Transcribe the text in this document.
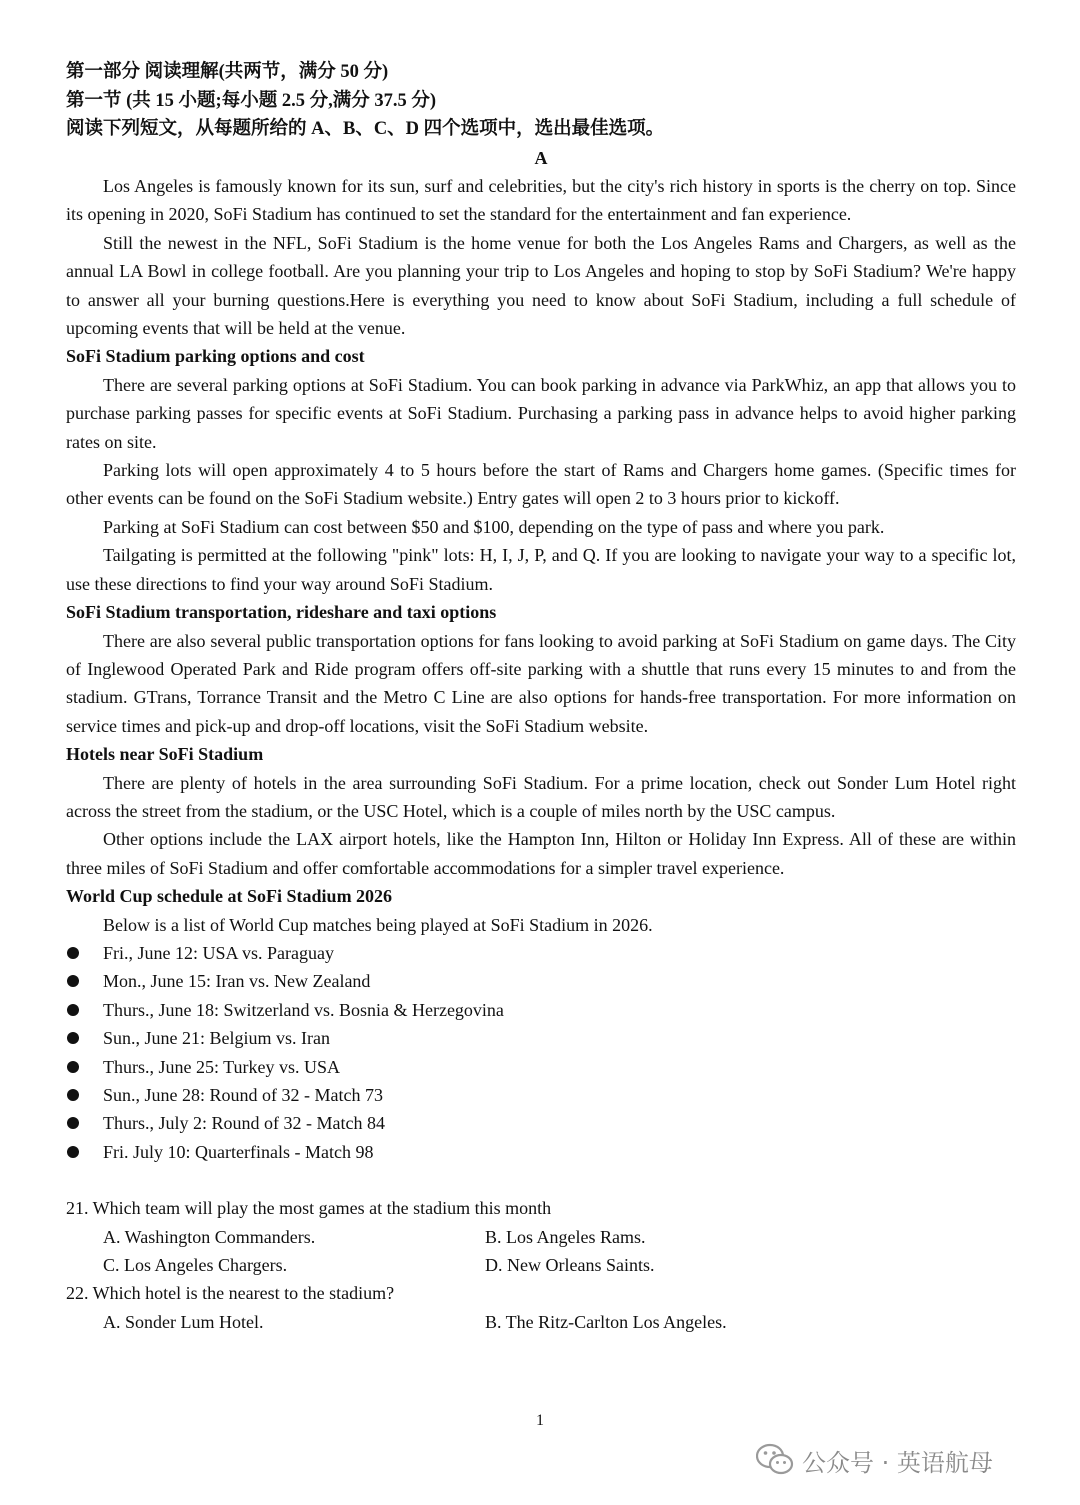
第一部分 阅读理解(共两节，满分 50 分)

第一节 (共 15 小题;每小题 2.5 分,满分 37.5 分)

阅读下列短文，从每题所给的 A、B、C、D 四个选项中，选出最佳选项。

A

Los Angeles is famously known for its sun, surf and celebrities, but the city's rich history in sports is the cherry on top. Since its opening in 2020, SoFi Stadium has continued to set the standard for the entertainment and fan experience.

Still the newest in the NFL, SoFi Stadium is the home venue for both the Los Angeles Rams and Chargers, as well as the annual LA Bowl in college football. Are you planning your trip to Los Angeles and hoping to stop by SoFi Stadium? We're happy to answer all your burning questions.Here is everything you need to know about SoFi Stadium, including a full schedule of upcoming events that will be held at the venue.

SoFi Stadium parking options and cost

There are several parking options at SoFi Stadium. You can book parking in advance via ParkWhiz, an app that allows you to purchase parking passes for specific events at SoFi Stadium. Purchasing a parking pass in advance helps to avoid higher parking rates on site.

Parking lots will open approximately 4 to 5 hours before the start of Rams and Chargers home games. (Specific times for other events can be found on the SoFi Stadium website.) Entry gates will open 2 to 3 hours prior to kickoff.

Parking at SoFi Stadium can cost between $50 and $100, depending on the type of pass and where you park.

Tailgating is permitted at the following "pink" lots: H, I, J, P, and Q. If you are looking to navigate your way to a specific lot, use these directions to find your way around SoFi Stadium.

SoFi Stadium transportation, rideshare and taxi options

There are also several public transportation options for fans looking to avoid parking at SoFi Stadium on game days. The City of Inglewood Operated Park and Ride program offers off-site parking with a shuttle that runs every 15 minutes to and from the stadium. GTrans, Torrance Transit and the Metro C Line are also options for hands-free transportation. For more information on service times and pick-up and drop-off locations, visit the SoFi Stadium website.

Hotels near SoFi Stadium

There are plenty of hotels in the area surrounding SoFi Stadium. For a prime location, check out Sonder Lum Hotel right across the street from the stadium, or the USC Hotel, which is a couple of miles north by the USC campus.

Other options include the LAX airport hotels, like the Hampton Inn, Hilton or Holiday Inn Express. All of these are within three miles of SoFi Stadium and offer comfortable accommodations for a simpler travel experience.

World Cup schedule at SoFi Stadium 2026

Below is a list of World Cup matches being played at SoFi Stadium in 2026.

Fri., June 12: USA vs. Paraguay
Mon., June 15: Iran vs. New Zealand
Thurs., June 18: Switzerland vs. Bosnia & Herzegovina
Sun., June 21: Belgium vs. Iran
Thurs., June 25: Turkey vs. USA
Sun., June 28: Round of 32 - Match 73
Thurs., July 2: Round of 32 - Match 84
Fri. July 10: Quarterfinals - Match 98

21. Which team will play the most games at the stadium this month

A. Washington Commanders.	B. Los Angeles Rams.
C. Los Angeles Chargers.	D. New Orleans Saints.

22. Which hotel is the nearest to the stadium?

A. Sonder Lum Hotel.	B. The Ritz-Carlton Los Angeles.
1
公众号 · 英语航母
